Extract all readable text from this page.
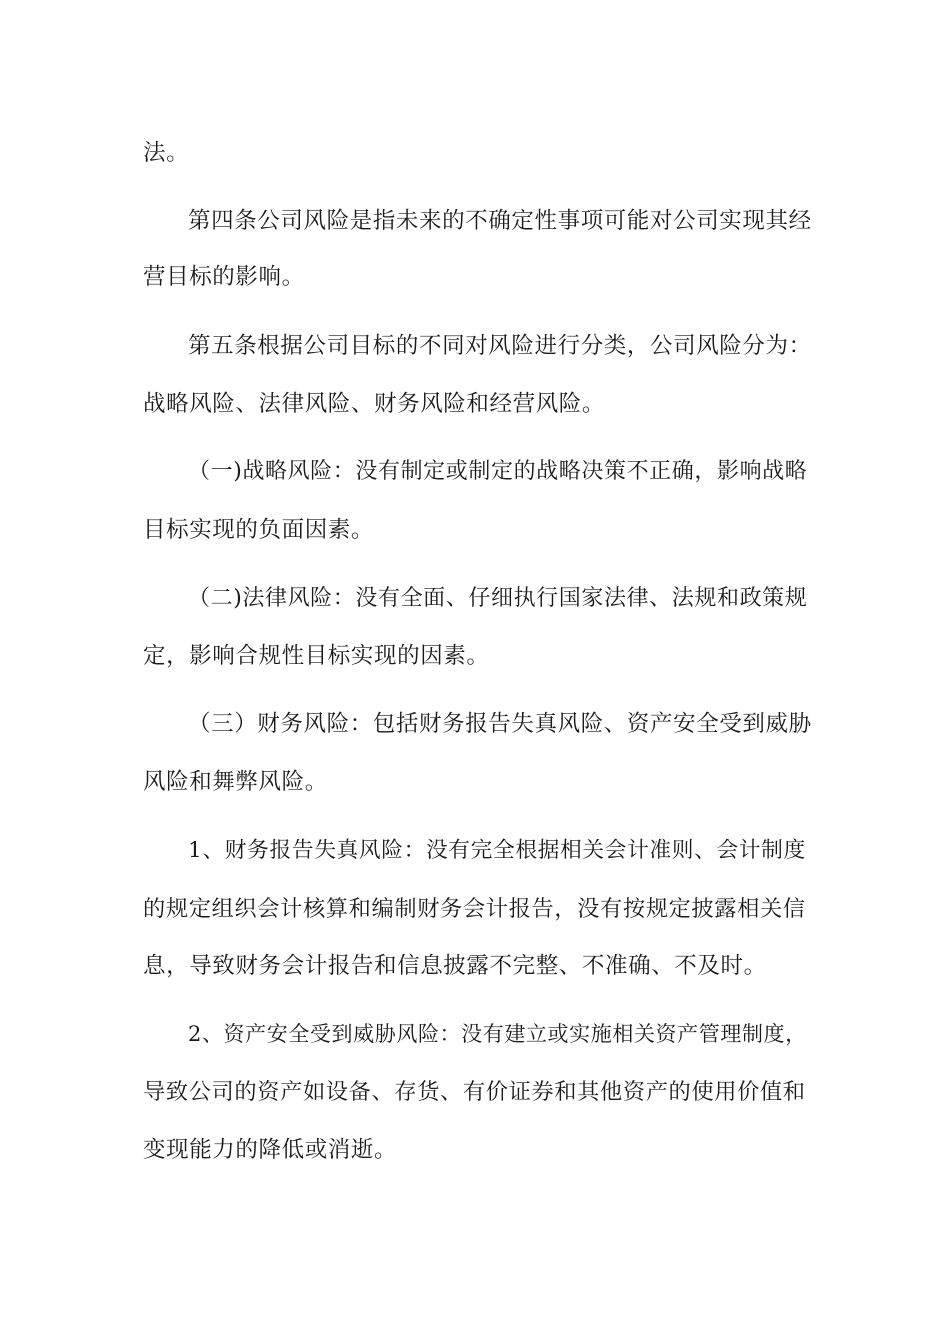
法。
第四条公司风险是指未来的不确定性事项可能对公司实现其经
营目标的影响。
第五条根据公司目标的不同对风险进行分类，公司风险分为：
战略风险、法律风险、财务风险和经营风险。
（一)战略风险：没有制定或制定的战略决策不正确，影响战略
目标实现的负面因素。
（二)法律风险：没有全面、仔细执行国家法律、法规和政策规
定，影响合规性目标实现的因素。
（三）财务风险：包括财务报告失真风险、资产安全受到威胁
风险和舞弊风险。
1、财务报告失真风险：没有完全根据相关会计准则、会计制度
的规定组织会计核算和编制财务会计报告，没有按规定披露相关信
息，导致财务会计报告和信息披露不完整、不准确、不及时。
2、资产安全受到威胁风险：没有建立或实施相关资产管理制度，
导致公司的资产如设备、存货、有价证券和其他资产的使用价值和
变现能力的降低或消逝。
